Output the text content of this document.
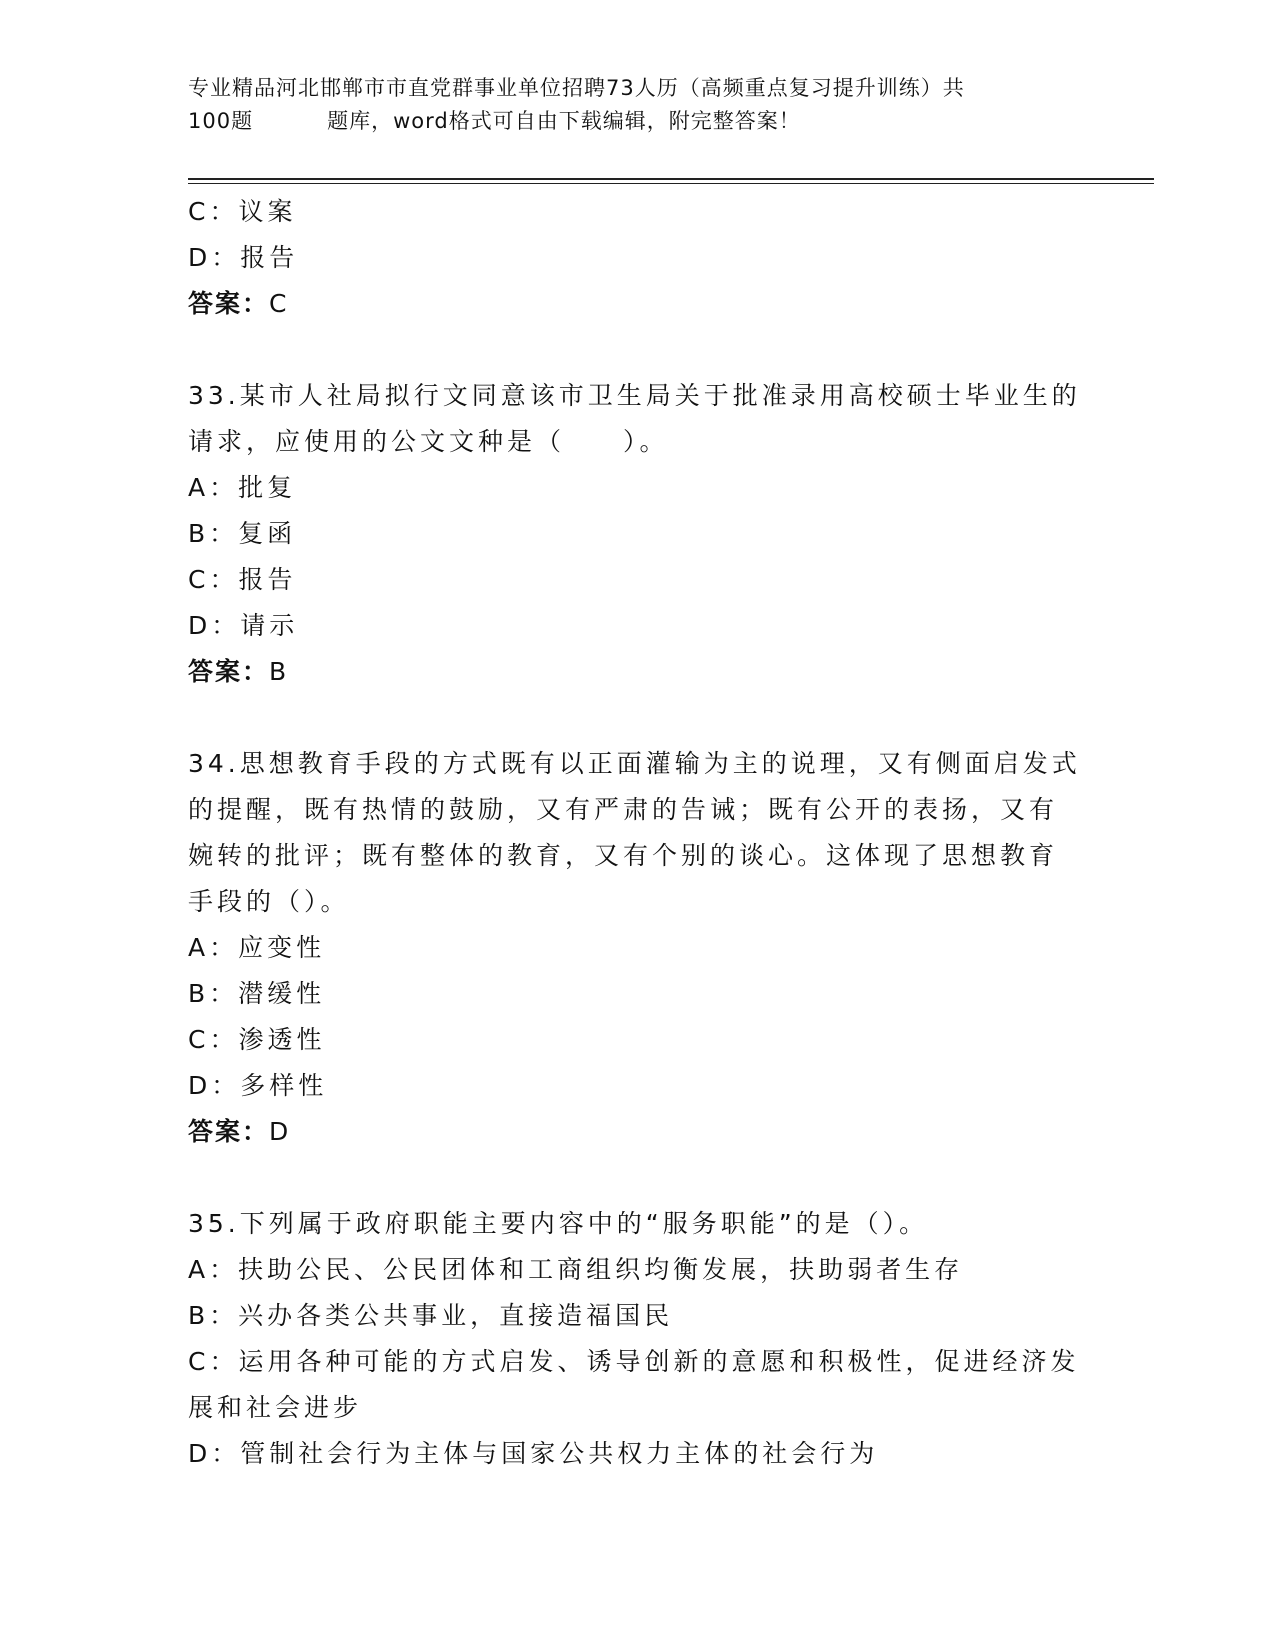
专业精品河北邯郸市市直党群事业单位招聘73人历（高频重点复习提升训练）共
100题	题库，word格式可自由下载编辑，附完整答案！
C：议案
D：报告
答案：C
33.某市人社局拟行文同意该市卫生局关于批准录用高校硕士毕业生的
请求，应使用的公文文种是（　　）。
A：批复
B：复函
C：报告
D：请示
答案：B
34.思想教育手段的方式既有以正面灌输为主的说理，又有侧面启发式
的提醒，既有热情的鼓励，又有严肃的告诫；既有公开的表扬，又有
婉转的批评；既有整体的教育，又有个别的谈心。这体现了思想教育
手段的（）。
A：应变性
B：潜缓性
C：渗透性
D：多样性
答案：D
35.下列属于政府职能主要内容中的“服务职能”的是（）。
A：扶助公民、公民团体和工商组织均衡发展，扶助弱者生存
B：兴办各类公共事业，直接造福国民
C：运用各种可能的方式启发、诱导创新的意愿和积极性，促进经济发
展和社会进步
D：管制社会行为主体与国家公共权力主体的社会行为
